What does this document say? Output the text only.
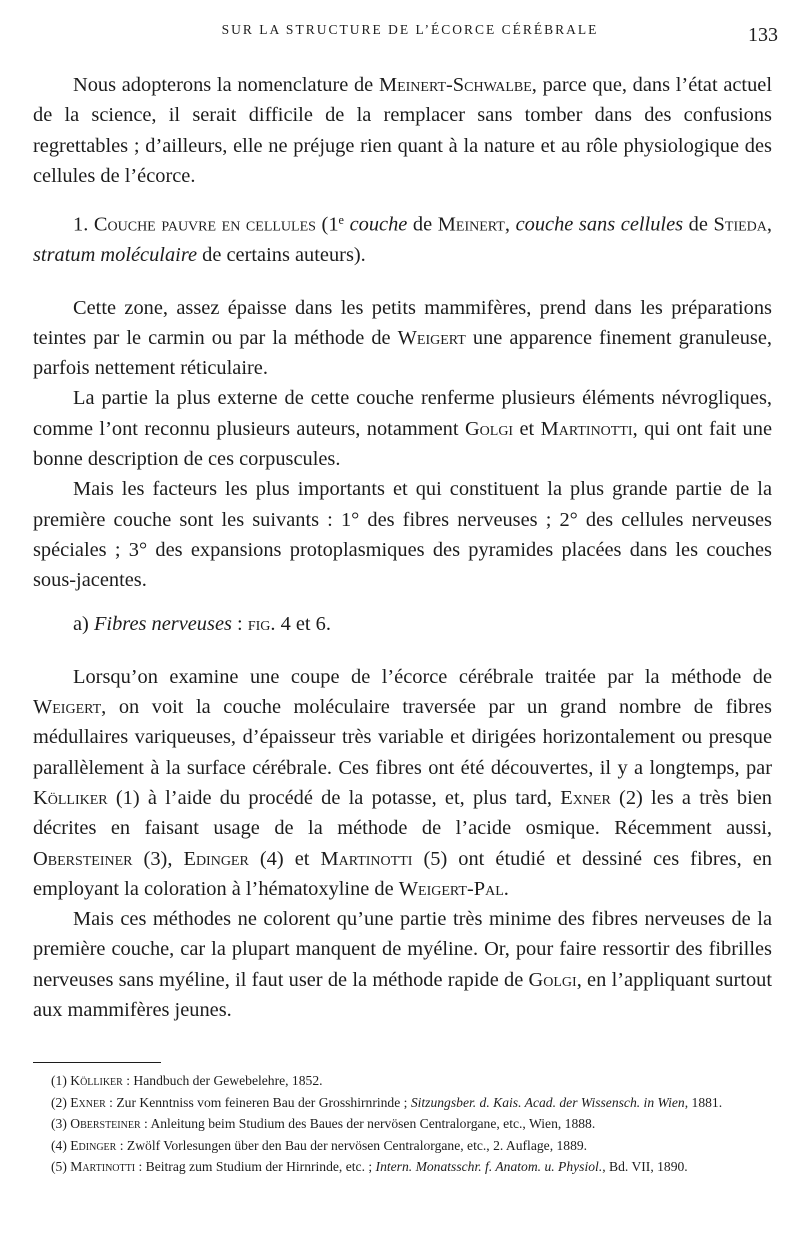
SUR LA STRUCTURE DE L’ÉCORCE CÉRÉBRALE	133

Nous adopterons la nomenclature de Meinert-Schwalbe, parce que, dans l’état actuel de la science, il serait difficile de la remplacer sans tomber dans des confusions regrettables ; d’ailleurs, elle ne préjuge rien quant à la nature et au rôle physiologique des cellules de l’écorce.

1. Couche pauvre en cellules (1e couche de Meinert, couche sans cellules de Stieda, stratum moléculaire de certains auteurs).

Cette zone, assez épaisse dans les petits mammifères, prend dans les préparations teintes par le carmin ou par la méthode de Weigert une apparence finement granuleuse, parfois nettement réticulaire.

La partie la plus externe de cette couche renferme plusieurs éléments névrogliques, comme l’ont reconnu plusieurs auteurs, notamment Golgi et Martinotti, qui ont fait une bonne description de ces corpuscules.

Mais les facteurs les plus importants et qui constituent la plus grande partie de la première couche sont les suivants : 1° des fibres nerveuses ; 2° des cellules nerveuses spéciales ; 3° des expansions protoplasmiques des pyramides placées dans les couches sous-jacentes.

a) Fibres nerveuses : fig. 4 et 6.

Lorsqu’on examine une coupe de l’écorce cérébrale traitée par la méthode de Weigert, on voit la couche moléculaire traversée par un grand nombre de fibres médullaires variqueuses, d’épaisseur très variable et dirigées horizontalement ou presque parallèlement à la surface cérébrale. Ces fibres ont été découvertes, il y a longtemps, par Kölliker (1) à l’aide du procédé de la potasse, et, plus tard, Exner (2) les a très bien décrites en faisant usage de la méthode de l’acide osmique. Récemment aussi, Obersteiner (3), Edinger (4) et Martinotti (5) ont étudié et dessiné ces fibres, en employant la coloration à l’hématoxyline de Weigert-Pal.

Mais ces méthodes ne colorent qu’une partie très minime des fibres nerveuses de la première couche, car la plupart manquent de myéline. Or, pour faire ressortir des fibrilles nerveuses sans myéline, il faut user de la méthode rapide de Golgi, en l’appliquant surtout aux mammifères jeunes.

(1) Kölliker : Handbuch der Gewebelehre, 1852.

(2) Exner : Zur Kenntniss vom feineren Bau der Grosshirnrinde ; Sitzungsber. d. Kais. Acad. der Wissensch. in Wien, 1881.

(3) Obersteiner : Anleitung beim Studium des Baues der nervösen Centralorgane, etc., Wien, 1888.

(4) Edinger : Zwölf Vorlesungen über den Bau der nervösen Centralorgane, etc., 2. Auflage, 1889.

(5) Martinotti : Beitrag zum Studium der Hirnrinde, etc. ; Intern. Monatsschr. f. Anatom. u. Physiol., Bd. VII, 1890.
